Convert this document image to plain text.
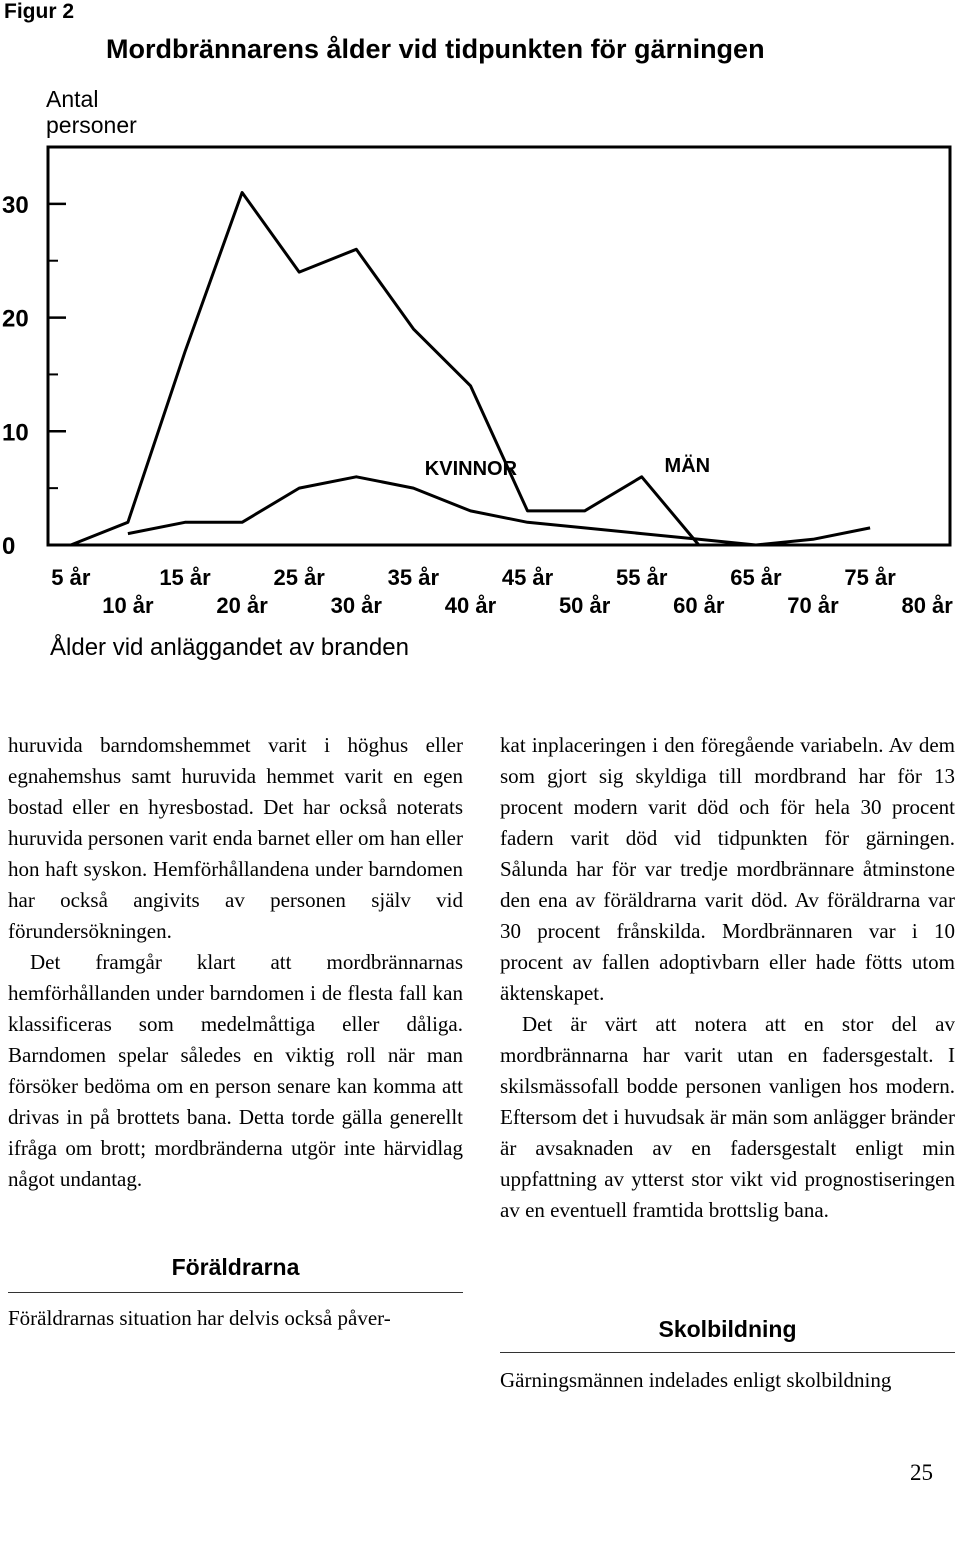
Figur 2
Mordbrännarens ålder vid tidpunkten för gärningen
Antal
personer
0
10
20
30
5 år
10 år
15 år
20 år
25 år
30 år
35 år
40 år
45 år
50 år
55 år
60 år
65 år
70 år
75 år
80 år
Ålder vid anläggandet av branden
MÄN
KVINNOR

huruvida barndomshemmet varit i höghus eller egnahemshus samt huruvida hemmet varit en egen bostad eller en hyresbostad. Det har också noterats huruvida personen varit enda barnet eller om han eller hon haft syskon. Hemförhållandena under barndomen har också angivits av personen själv vid förundersökningen.

Det framgår klart att mordbrännarnas hemförhållanden under barndomen i de flesta fall kan klassificeras som medelmåttiga eller dåliga. Barndomen spelar således en viktig roll när man försöker bedöma om en person senare kan komma att drivas in på brottets bana. Detta torde gälla generellt ifråga om brott; mordbränderna utgör inte härvidlag något undantag.

Föräldrarna
Föräldrarnas situation har delvis också påver-

kat inplaceringen i den föregående variabeln. Av dem som gjort sig skyldiga till mordbrand har för 13 procent modern varit död och för hela 30 procent fadern varit död vid tidpunkten för gärningen. Sålunda har för var tredje mordbrännare åtminstone den ena av föräldrarna varit död. Av föräldrarna var 30 procent frånskilda. Mordbrännaren var i 10 procent av fallen adoptivbarn eller hade fötts utom äktenskapet.

Det är värt att notera att en stor del av mordbrännarna har varit utan en fadersgestalt. I skilsmässofall bodde personen vanligen hos modern. Eftersom det i huvudsak är män som anlägger bränder är avsaknaden av en fadersgestalt enligt min uppfattning av ytterst stor vikt vid prognostiseringen av en eventuell framtida brottslig bana.

Skolbildning
Gärningsmännen indelades enligt skolbildning
25
